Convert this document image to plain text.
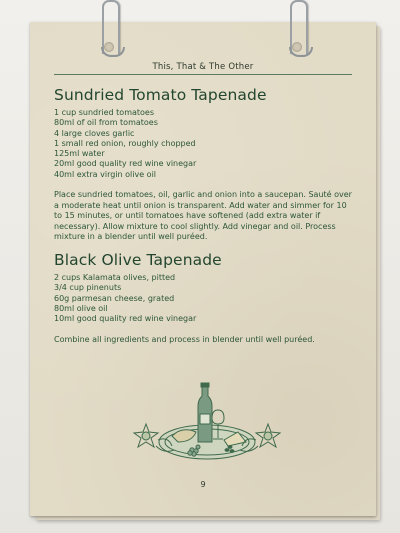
This, That & The Other
Sundried Tomato Tapenade
1 cup sundried tomatoes
80ml of oil from tomatoes
4 large cloves garlic
1 small red onion, roughly chopped
125ml water
20ml good quality red wine vinegar
40ml extra virgin olive oil

Place sundried tomatoes, oil, garlic and onion into a saucepan. Sauté over a moderate heat until onion is transparent. Add water and simmer for 10 to 15 minutes, or until tomatoes have softened (add extra water if necessary). Allow mixture to cool slightly. Add vinegar and oil. Process mixture in a blender until well puréed.

Black Olive Tapenade
2 cups Kalamata olives, pitted
3/4 cup pinenuts
60g parmesan cheese, grated
80ml olive oil
10ml good quality red wine vinegar

Combine all ingredients and process in blender until well puréed.

9
